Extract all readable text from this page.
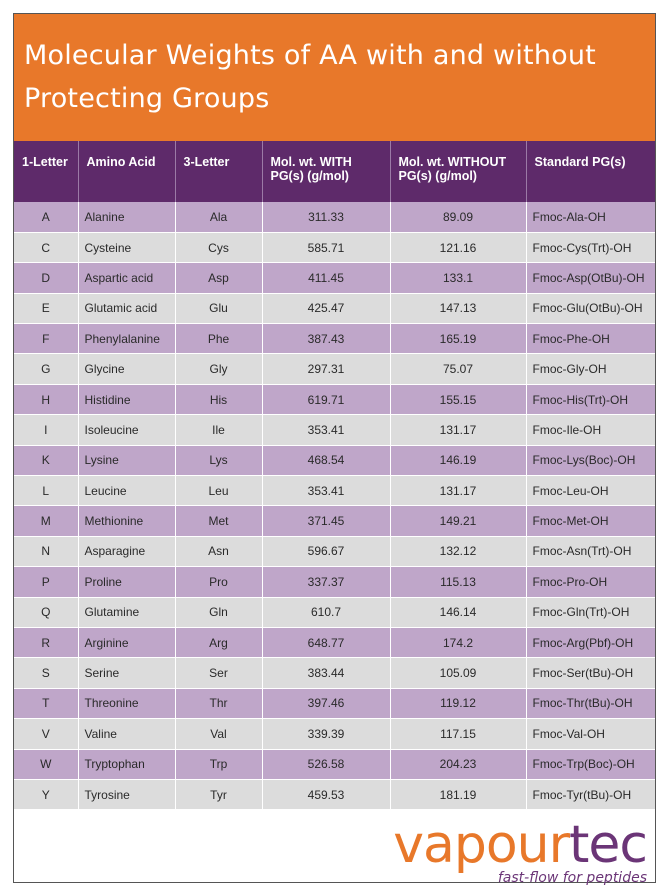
Molecular Weights of AA with and without Protecting Groups
1-Letter	Amino Acid	3-Letter	Mol. wt. WITH PG(s) (g/mol)	Mol. wt. WITHOUT PG(s) (g/mol)	Standard PG(s)
A	Alanine	Ala	311.33	89.09	Fmoc-Ala-OH
C	Cysteine	Cys	585.71	121.16	Fmoc-Cys(Trt)-OH
D	Aspartic acid	Asp	411.45	133.1	Fmoc-Asp(OtBu)-OH
E	Glutamic acid	Glu	425.47	147.13	Fmoc-Glu(OtBu)-OH
F	Phenylalanine	Phe	387.43	165.19	Fmoc-Phe-OH
G	Glycine	Gly	297.31	75.07	Fmoc-Gly-OH
H	Histidine	His	619.71	155.15	Fmoc-His(Trt)-OH
I	Isoleucine	Ile	353.41	131.17	Fmoc-Ile-OH
K	Lysine	Lys	468.54	146.19	Fmoc-Lys(Boc)-OH
L	Leucine	Leu	353.41	131.17	Fmoc-Leu-OH
M	Methionine	Met	371.45	149.21	Fmoc-Met-OH
N	Asparagine	Asn	596.67	132.12	Fmoc-Asn(Trt)-OH
P	Proline	Pro	337.37	115.13	Fmoc-Pro-OH
Q	Glutamine	Gln	610.7	146.14	Fmoc-Gln(Trt)-OH
R	Arginine	Arg	648.77	174.2	Fmoc-Arg(Pbf)-OH
S	Serine	Ser	383.44	105.09	Fmoc-Ser(tBu)-OH
T	Threonine	Thr	397.46	119.12	Fmoc-Thr(tBu)-OH
V	Valine	Val	339.39	117.15	Fmoc-Val-OH
W	Tryptophan	Trp	526.58	204.23	Fmoc-Trp(Boc)-OH
Y	Tyrosine	Tyr	459.53	181.19	Fmoc-Tyr(tBu)-OH
vapourtec
fast-flow for peptides
